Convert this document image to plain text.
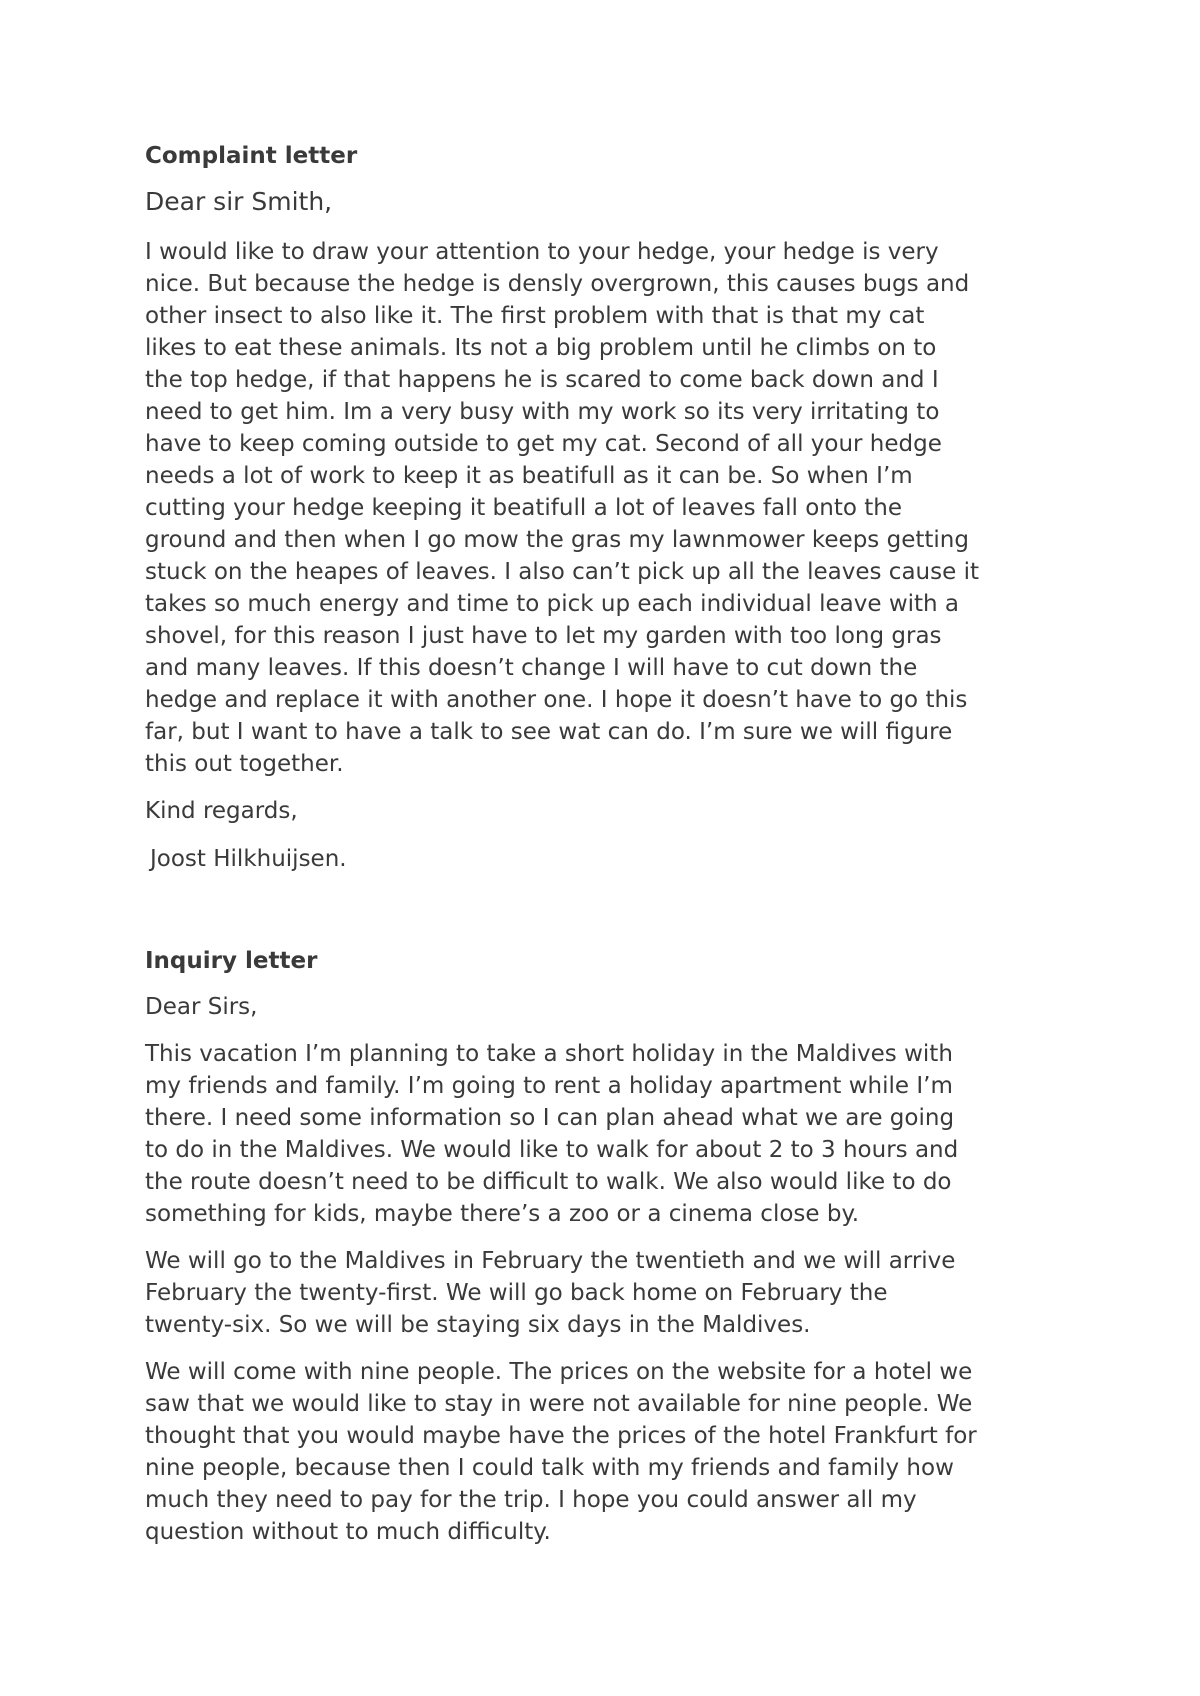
Complaint letter
Dear sir Smith,
I would like to draw your attention to your hedge, your hedge is very
nice. But because the hedge is densly overgrown, this causes bugs and
other insect to also like it. The first problem with that is that my cat
likes to eat these animals. Its not a big problem until he climbs on to
the top hedge, if that happens he is scared to come back down and I
need to get him. Im a very busy with my work so its very irritating to
have to keep coming outside to get my cat. Second of all your hedge
needs a lot of work to keep it as beatifull as it can be. So when I’m
cutting your hedge keeping it beatifull a lot of leaves fall onto the
ground and then when I go mow the gras my lawnmower keeps getting
stuck on the heapes of leaves. I also can’t pick up all the leaves cause it
takes so much energy and time to pick up each individual leave with a
shovel, for this reason I just have to let my garden with too long gras
and many leaves. If this doesn’t change I will have to cut down the
hedge and replace it with another one. I hope it doesn’t have to go this
far, but I want to have a talk to see wat can do. I’m sure we will figure
this out together.
Kind regards,
Joost Hilkhuijsen.
Inquiry letter
Dear Sirs,
This vacation I’m planning to take a short holiday in the Maldives with
my friends and family. I’m going to rent a holiday apartment while I’m
there. I need some information so I can plan ahead what we are going
to do in the Maldives. We would like to walk for about 2 to 3 hours and
the route doesn’t need to be difficult to walk. We also would like to do
something for kids, maybe there’s a zoo or a cinema close by.
We will go to the Maldives in February the twentieth and we will arrive
February the twenty-first. We will go back home on February the
twenty-six. So we will be staying six days in the Maldives.
We will come with nine people. The prices on the website for a hotel we
saw that we would like to stay in were not available for nine people. We
thought that you would maybe have the prices of the hotel Frankfurt for
nine people, because then I could talk with my friends and family how
much they need to pay for the trip. I hope you could answer all my
question without to much difficulty.
